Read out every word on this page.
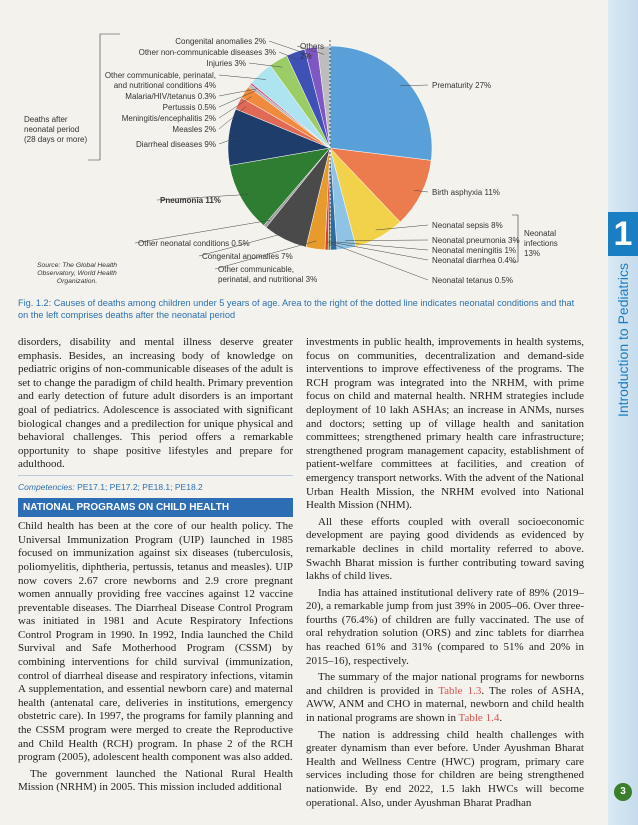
1
Introduction to Pediatrics
Prematurity 27%
Birth asphyxia 11%
Neonatal sepsis 8%
Neonatal pneumonia 3%
Neonatal meningitis 1%
Neonatal diarrhea 0.4%
Neonatal tetanus 0.5%
Other communicable, perinatal, and nutritional 3%
Congenital anomalies 7%
Other neonatal conditions 0.5%
Pneumonia 11%
Diarrheal diseases 9%
Measles 2%
Meningitis/encephalitis 2%
Pertussis 0.5%
Malaria/HIV/tetanus 0.3%
Other communicable, perinatal, and nutritional conditions 4%
Injuries 3%
Other non-communicable diseases 3%
Congenital anomalies 2%
Others 2%
Deaths after
neonatal period
(28 days or more)
Neonatal
infections
13%
Source: The Global Health Observatory, World Health Organization.
Fig. 1.2: Causes of deaths among children under 5 years of age. Area to the right of the dotted line indicates neonatal conditions and that on the left comprises deaths after the neonatal period

disorders, disability and mental illness deserve greater emphasis. Besides, an increasing body of knowledge on pediatric origins of non-communicable diseases of the adult is set to change the paradigm of child health. Primary prevention and early detection of future adult disorders is an important goal of pediatrics. Adolescence is associated with significant biological changes and a predilection for unique physical and behavioral challenges. This period offers a remarkable opportunity to shape positive lifestyles and prepare for adulthood.

Competencies: PE17.1; PE17.2; PE18.1; PE18.2

NATIONAL PROGRAMS ON CHILD HEALTH

Child health has been at the core of our health policy. The Universal Immunization Program (UIP) launched in 1985 focused on immunization against six diseases (tuberculosis, poliomyelitis, diphtheria, pertussis, tetanus and measles). UIP now covers 2.67 crore newborns and 2.9 crore pregnant women annually providing free vaccines against 12 vaccine preventable diseases. The Diarrheal Disease Control Program was initiated in 1981 and Acute Respiratory Infections Control Program in 1990. In 1992, India launched the Child Survival and Safe Motherhood Program (CSSM) by combining interventions for child survival (immunization, control of diarrheal disease and respiratory infections, vitamin A supplementation, and essential newborn care) and maternal health (antenatal care, deliveries in institutions, emergency obstetric care). In 1997, the programs for family planning and the CSSM program were merged to create the Reproductive and Child Health (RCH) program. In phase 2 of the RCH program (2005), adolescent health component was also added.

The government launched the National Rural Health Mission (NRHM) in 2005. This mission included additional

investments in public health, improvements in health systems, focus on communities, decentralization and demand-side interventions to improve effectiveness of the programs. The RCH program was integrated into the NRHM, with prime focus on child and maternal health. NRHM strategies include deployment of 10 lakh ASHAs; an increase in ANMs, nurses and doctors; setting up of village health and sanitation committees; strengthened primary health care infrastructure; strengthened program management capacity, establishment of patient-welfare committees at facilities, and creation of emergency transport networks. With the advent of the National Urban Health Mission, the NRHM evolved into National Health Mission (NHM).

All these efforts coupled with overall socioeconomic development are paying good dividends as evidenced by remarkable declines in child mortality referred to above. Swachh Bharat mission is further contributing toward saving lakhs of child lives.

India has attained institutional delivery rate of 89% (2019–20), a remarkable jump from just 39% in 2005–06. Over three-fourths (76.4%) of children are fully vaccinated. The use of oral rehydration solution (ORS) and zinc tablets for diarrhea has reached 61% and 31% (compared to 51% and 20% in 2015–16), respectively.

The summary of the major national programs for newborns and children is provided in Table 1.3. The roles of ASHA, AWW, ANM and CHO in maternal, newborn and child health in national programs are shown in Table 1.4.

The nation is addressing child health challenges with greater dynamism than ever before. Under Ayushman Bharat Health and Wellness Centre (HWC) program, primary care services including those for children are being strengthened nationwide. By end 2022, 1.5 lakh HWCs will become operational. Also, under Ayushman Bharat Pradhan

3
